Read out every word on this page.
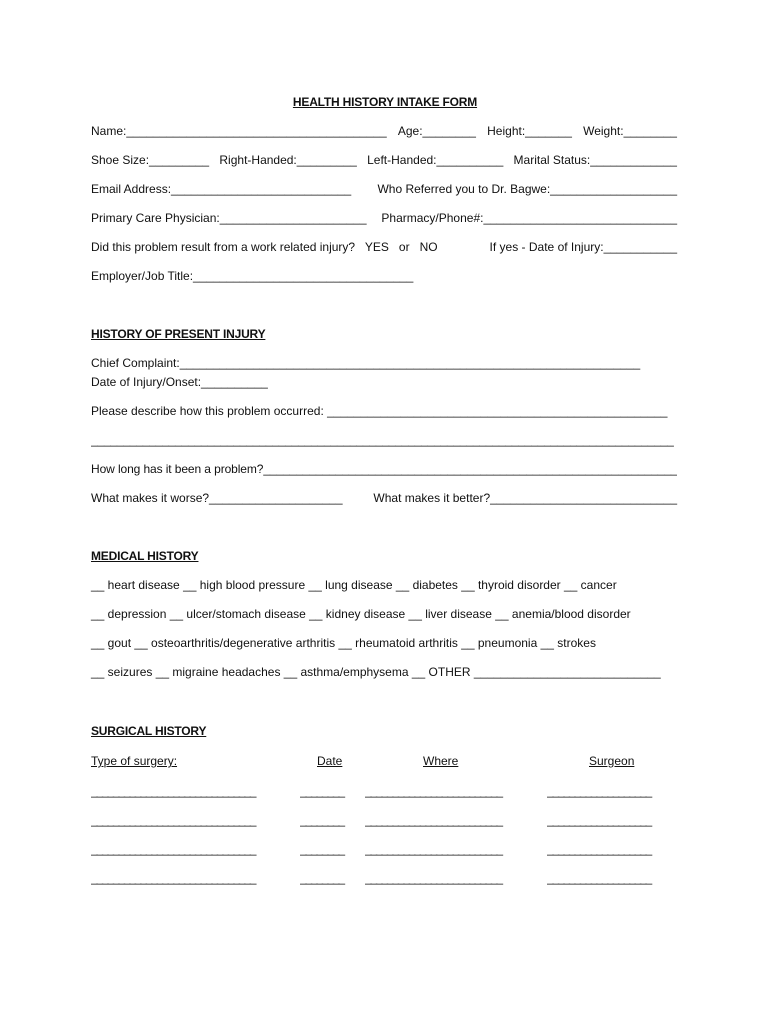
HEALTH HISTORY INTAKE FORM
Name:_______________________________________ Age:________ Height:_______ Weight:________
Shoe Size:_________ Right-Handed:_________ Left-Handed:__________ Marital Status:_____________
Email Address:___________________________ Who Referred you to Dr. Bagwe:___________________
Primary Care Physician:______________________ Pharmacy/Phone#:_____________________________
Did this problem result from a work related injury?   YES   or   NO	If yes - Date of Injury:___________
Employer/Job Title:_________________________________
HISTORY OF PRESENT INJURY
Chief Complaint:_____________________________________________________________________
Date of Injury/Onset:__________
Please describe how this problem occurred: ___________________________________________________
__________________________________________________________________________________________
How long has it been a problem?_______________________________________________________________
What makes it worse?____________________	What makes it better?____________________________
MEDICAL HISTORY
__ heart disease __ high blood pressure __ lung disease __ diabetes __ thyroid disorder __ cancer
__ depression __ ulcer/stomach disease __ kidney disease __ liver disease __ anemia/blood disorder
__ gout __ osteoarthritis/degenerative arthritis __ rheumatoid arthritis __ pneumonia __ strokes
__ seizures __ migraine headaches __ asthma/emphysema __ OTHER ____________________________
SURGICAL HISTORY
Type of surgery:	Date	Where	Surgeon
______________________________	________	_________________________	___________________
______________________________	________	_________________________	___________________
______________________________	________	_________________________	___________________
______________________________	________	_________________________	___________________
